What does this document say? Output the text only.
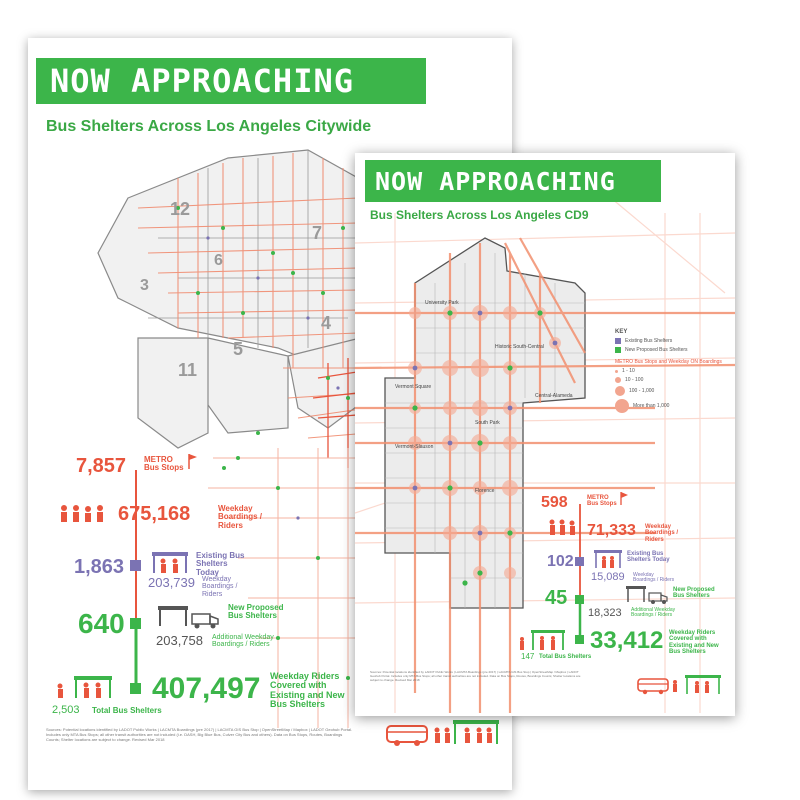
12
7
6
3
4
5
11
NOW APPROACHING
Bus Shelters Across Los Angeles Citywide
7,857 METRO Bus Stops
675,168	Weekday Boardings / Riders
1,863
Existing Bus Shelters Today
203,739 Weekday Boardings / Riders
640
New Proposed Bus Shelters
203,758 Additional Weekday Boardings / Riders
407,497 Weekday Riders Covered with Existing and New Bus Shelters
2,503 Total Bus Shelters
Sources: Potential locations identified by LADOT Public Works | LACMTA Boardings (pre 2017) | LACMTA GIS Bus Stop | OpenStreetMap / Mapbox | LADOT Geohub Portal. Includes only MTA Bus Stops; all other transit authorities are not included (i.e. DASH, Big Blue Bus, Culver City Bus and others). Data on Bus Stops, Routes, Boardings Counts; Shelter locations are subject to change. Revised Mar 2018
University Park
Historic South-Central
Vermont Square
Central-Alameda
South Park
Vermont-Slauson
Florence
NOW APPROACHING
Bus Shelters Across Los Angeles CD9
KEY
Existing Bus Shelters
New Proposed Bus Shelters
METRO Bus Stops and Weekday ON Boardings
1 - 10
10 - 100
100 - 1,000
More than 1,000
598	METRO Bus Stops
71,333 Weekday Boardings / Riders
102	Existing Bus Shelters Today
15,089 Weekday Boardings / Riders
45	New Proposed Bus Shelters
18,323 Additional Weekday Boardings / Riders
33,412 Weekday Riders Covered with Existing and New Bus Shelters
147 Total Bus Shelters
Sources: Potential locations identified by LADOT Public Works | LACMTA Boardings (pre 2017) | LACMTA GIS Bus Stop | OpenStreetMap / Mapbox | LADOT Geohub Portal. Includes only MTA Bus Stops; all other transit authorities are not included. Data on Bus Stops, Routes, Boardings Counts; Shelter locations are subject to change. Revised Mar 2018
